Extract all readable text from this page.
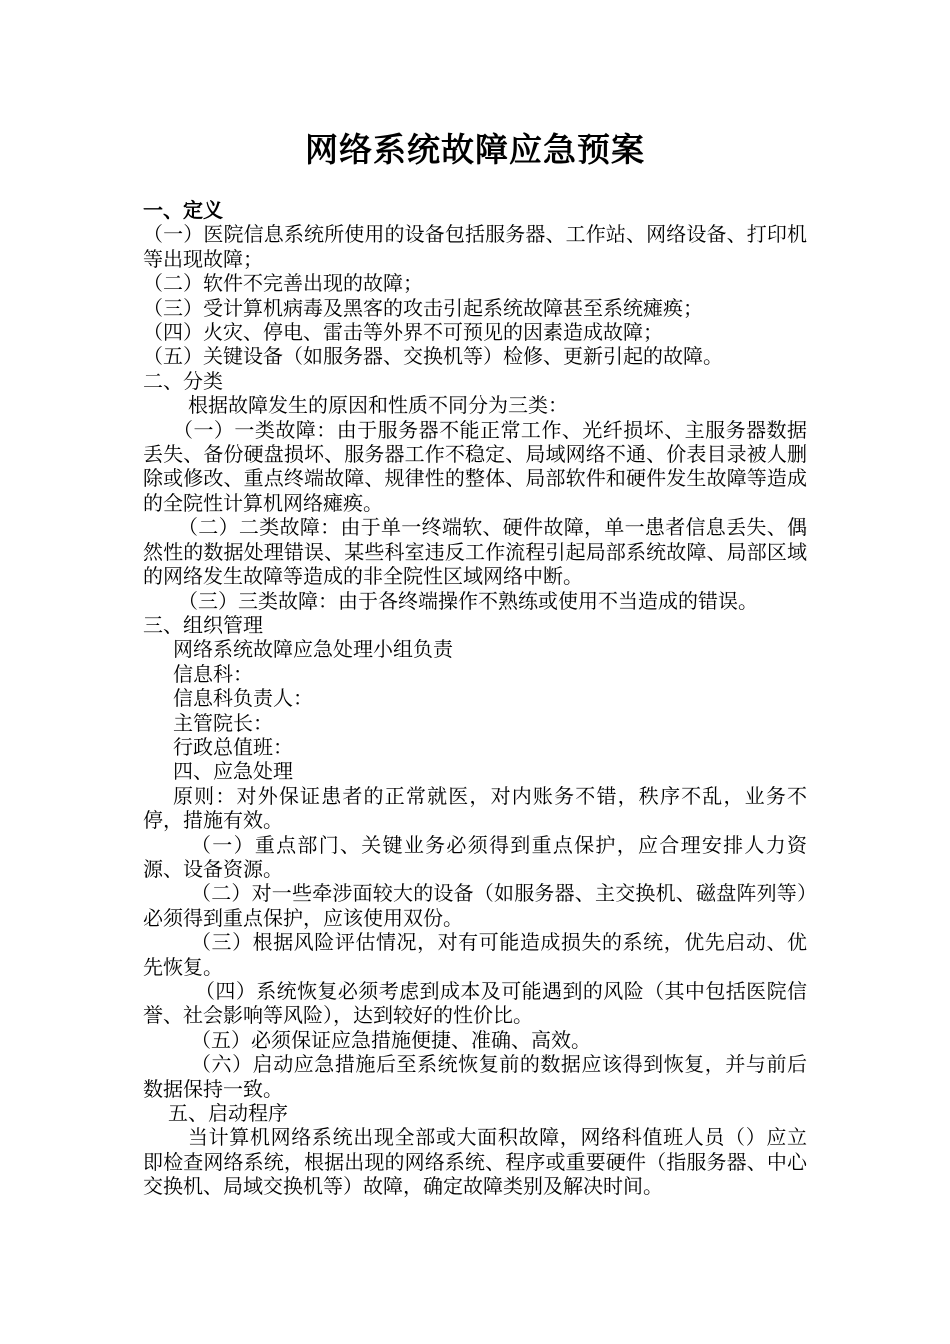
网络系统故障应急预案

一、定义

（一）医院信息系统所使用的设备包括服务器、工作站、网络设备、打印机等出现故障；

（二）软件不完善出现的故障；

（三）受计算机病毒及黑客的攻击引起系统故障甚至系统瘫痪；

（四）火灾、停电、雷击等外界不可预见的因素造成故障；

（五）关键设备（如服务器、交换机等）检修、更新引起的故障。

二、分类

根据故障发生的原因和性质不同分为三类：

（一）一类故障：由于服务器不能正常工作、光纤损坏、主服务器数据丢失、备份硬盘损坏、服务器工作不稳定、局域网络不通、价表目录被人删除或修改、重点终端故障、规律性的整体、局部软件和硬件发生故障等造成的全院性计算机网络瘫痪。

（二）二类故障：由于单一终端软、硬件故障，单一患者信息丢失、偶然性的数据处理错误、某些科室违反工作流程引起局部系统故障、局部区域的网络发生故障等造成的非全院性区域网络中断。

（三）三类故障：由于各终端操作不熟练或使用不当造成的错误。

三、组织管理

网络系统故障应急处理小组负责

信息科：

信息科负责人：

主管院长：

行政总值班：

四、应急处理

原则：对外保证患者的正常就医，对内账务不错，秩序不乱，业务不停，措施有效。

（一）重点部门、关键业务必须得到重点保护，应合理安排人力资源、设备资源。

（二）对一些牵涉面较大的设备（如服务器、主交换机、磁盘阵列等）必须得到重点保护，应该使用双份。

（三）根据风险评估情况，对有可能造成损失的系统，优先启动、优先恢复。

（四）系统恢复必须考虑到成本及可能遇到的风险（其中包括医院信誉、社会影响等风险），达到较好的性价比。

（五）必须保证应急措施便捷、准确、高效。

（六）启动应急措施后至系统恢复前的数据应该得到恢复，并与前后数据保持一致。

五、启动程序

当计算机网络系统出现全部或大面积故障，网络科值班人员（）应立即检查网络系统，根据出现的网络系统、程序或重要硬件（指服务器、中心交换机、局域交换机等）故障，确定故障类别及解决时间。
